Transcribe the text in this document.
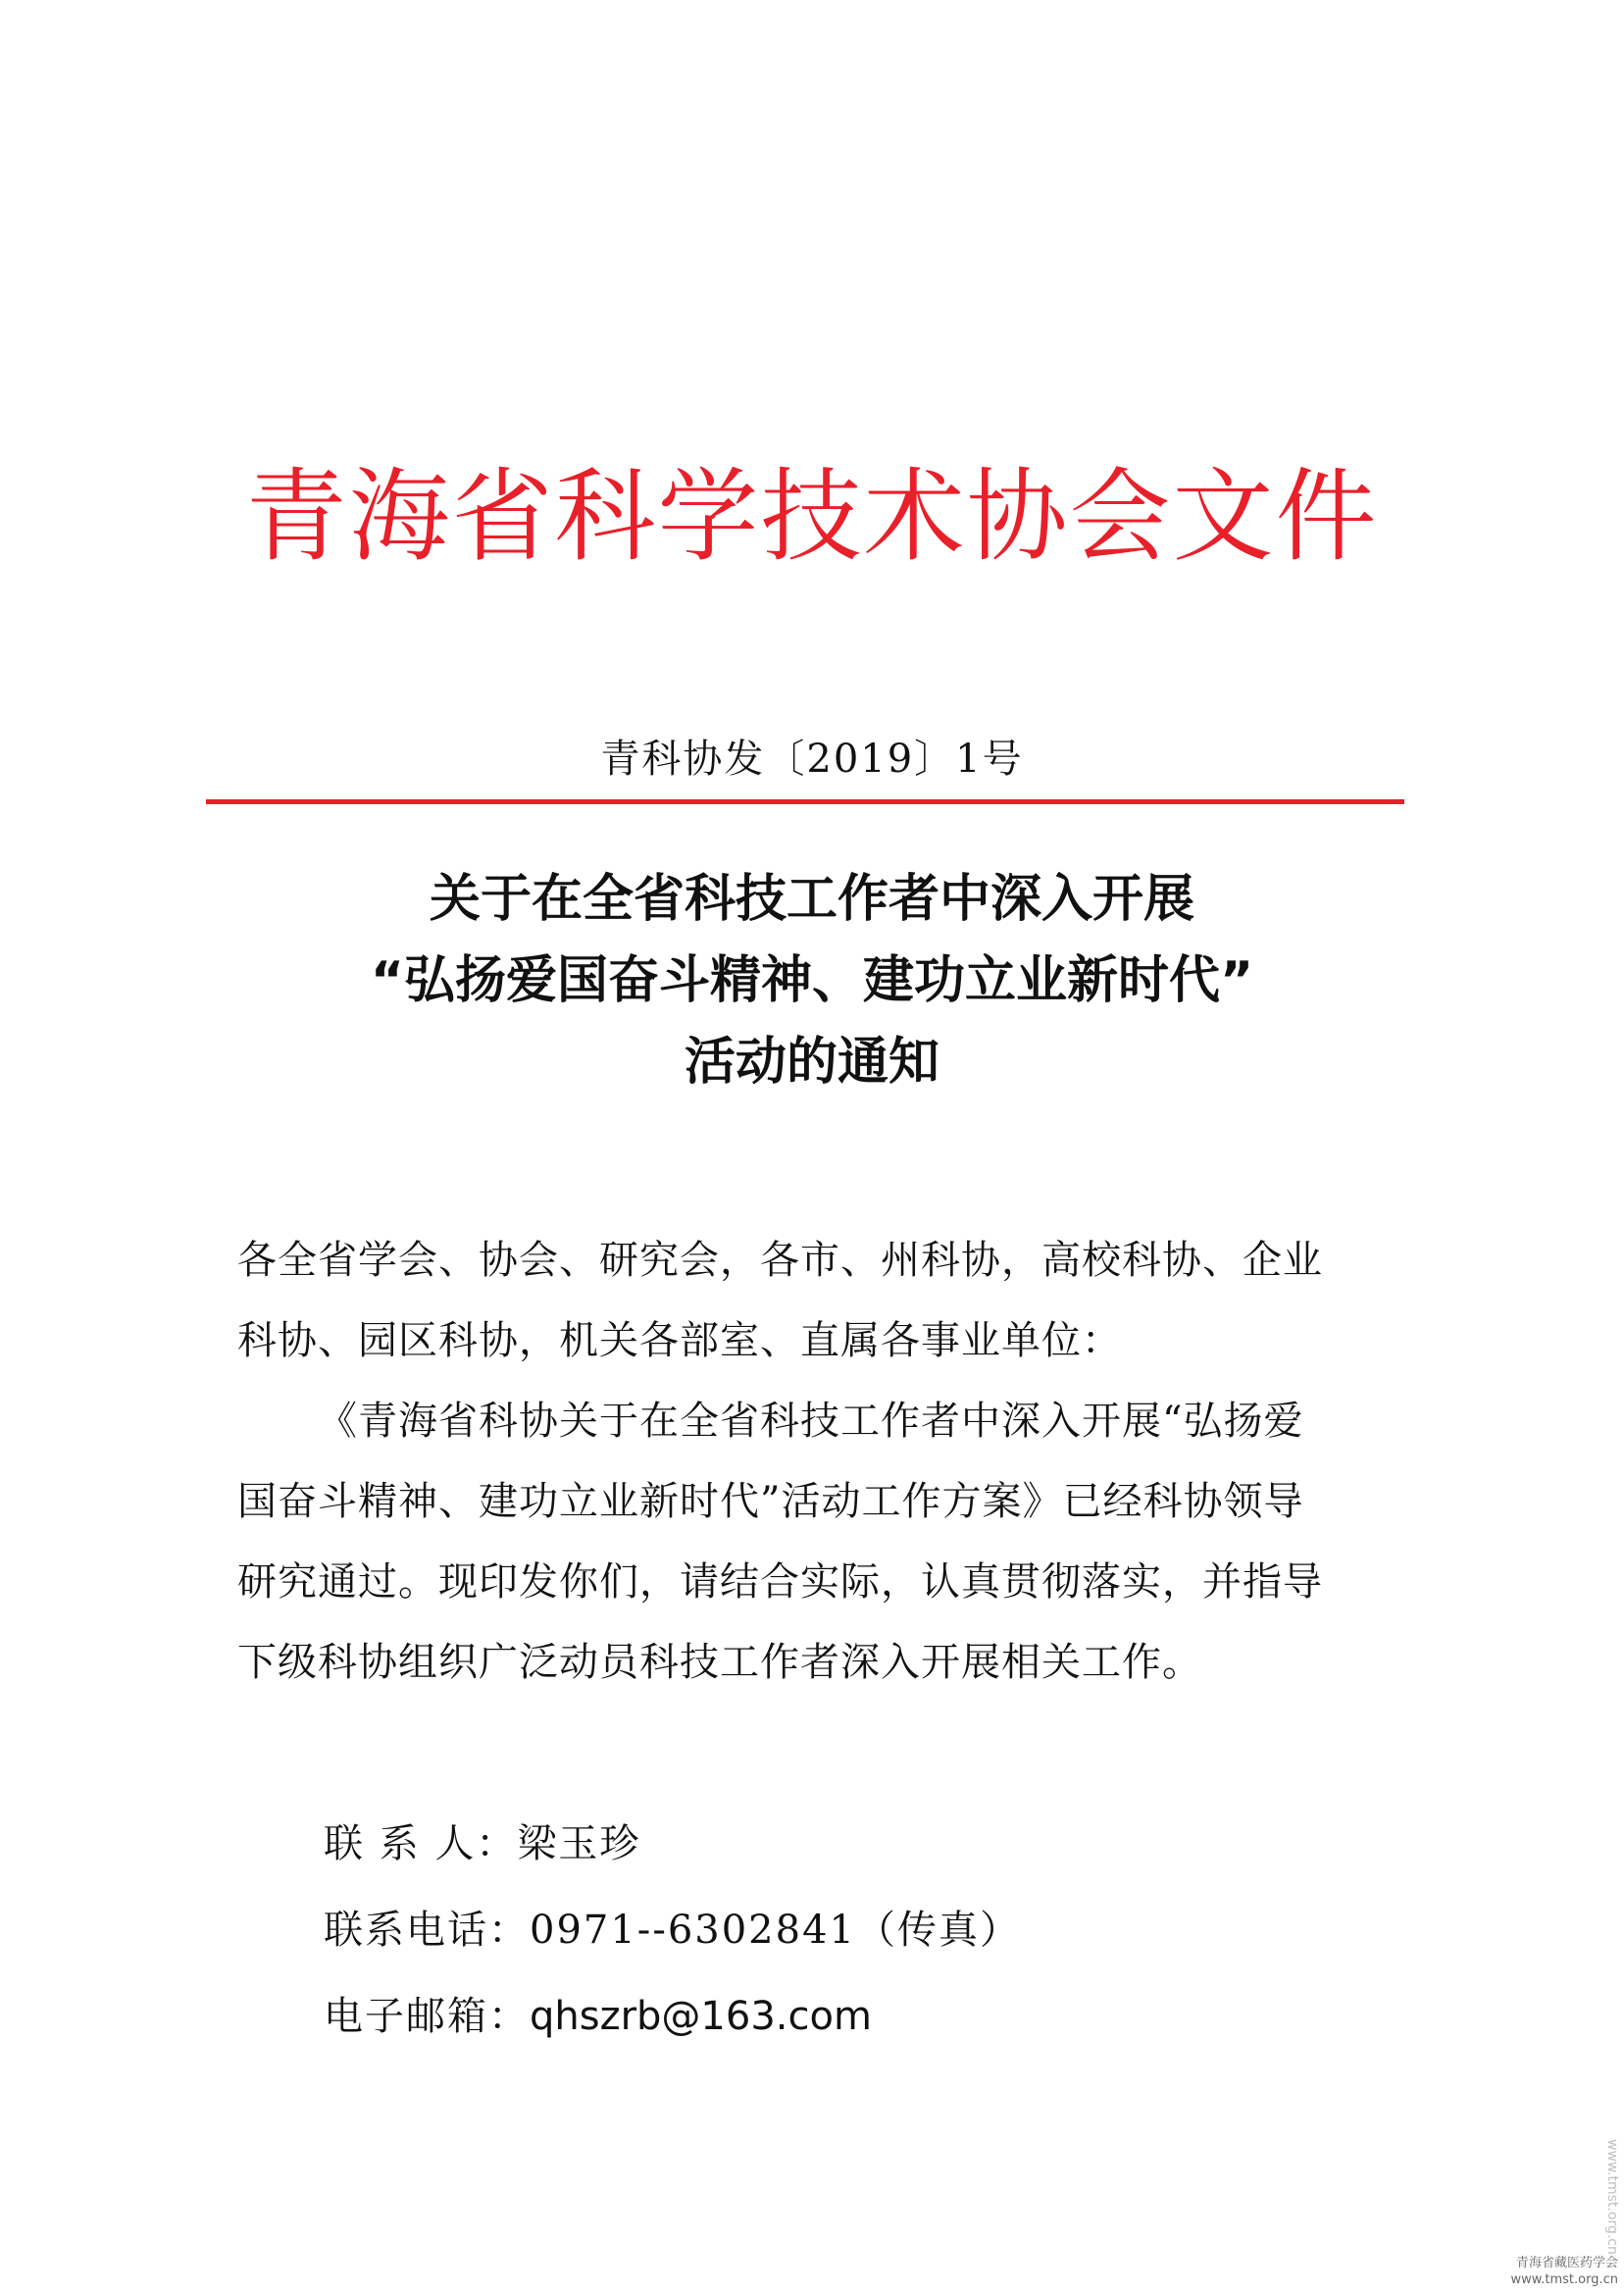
青海省科学技术协会文件
青科协发〔2019〕1号
关于在全省科技工作者中深入开展
“弘扬爱国奋斗精神、建功立业新时代”
活动的通知
各全省学会、协会、研究会，各市、州科协，高校科协、企业
科协、园区科协，机关各部室、直属各事业单位：
《青海省科协关于在全省科技工作者中深入开展“弘扬爱
国奋斗精神、建功立业新时代”活动工作方案》已经科协领导
研究通过。现印发你们，请结合实际，认真贯彻落实，并指导
下级科协组织广泛动员科技工作者深入开展相关工作。
联 系 人：梁玉珍
联系电话：0971--6302841（传真）
电子邮箱：qhszrb@163.com
www.tmst.org.cn
青海省藏医药学会
www.tmst.org.cn
